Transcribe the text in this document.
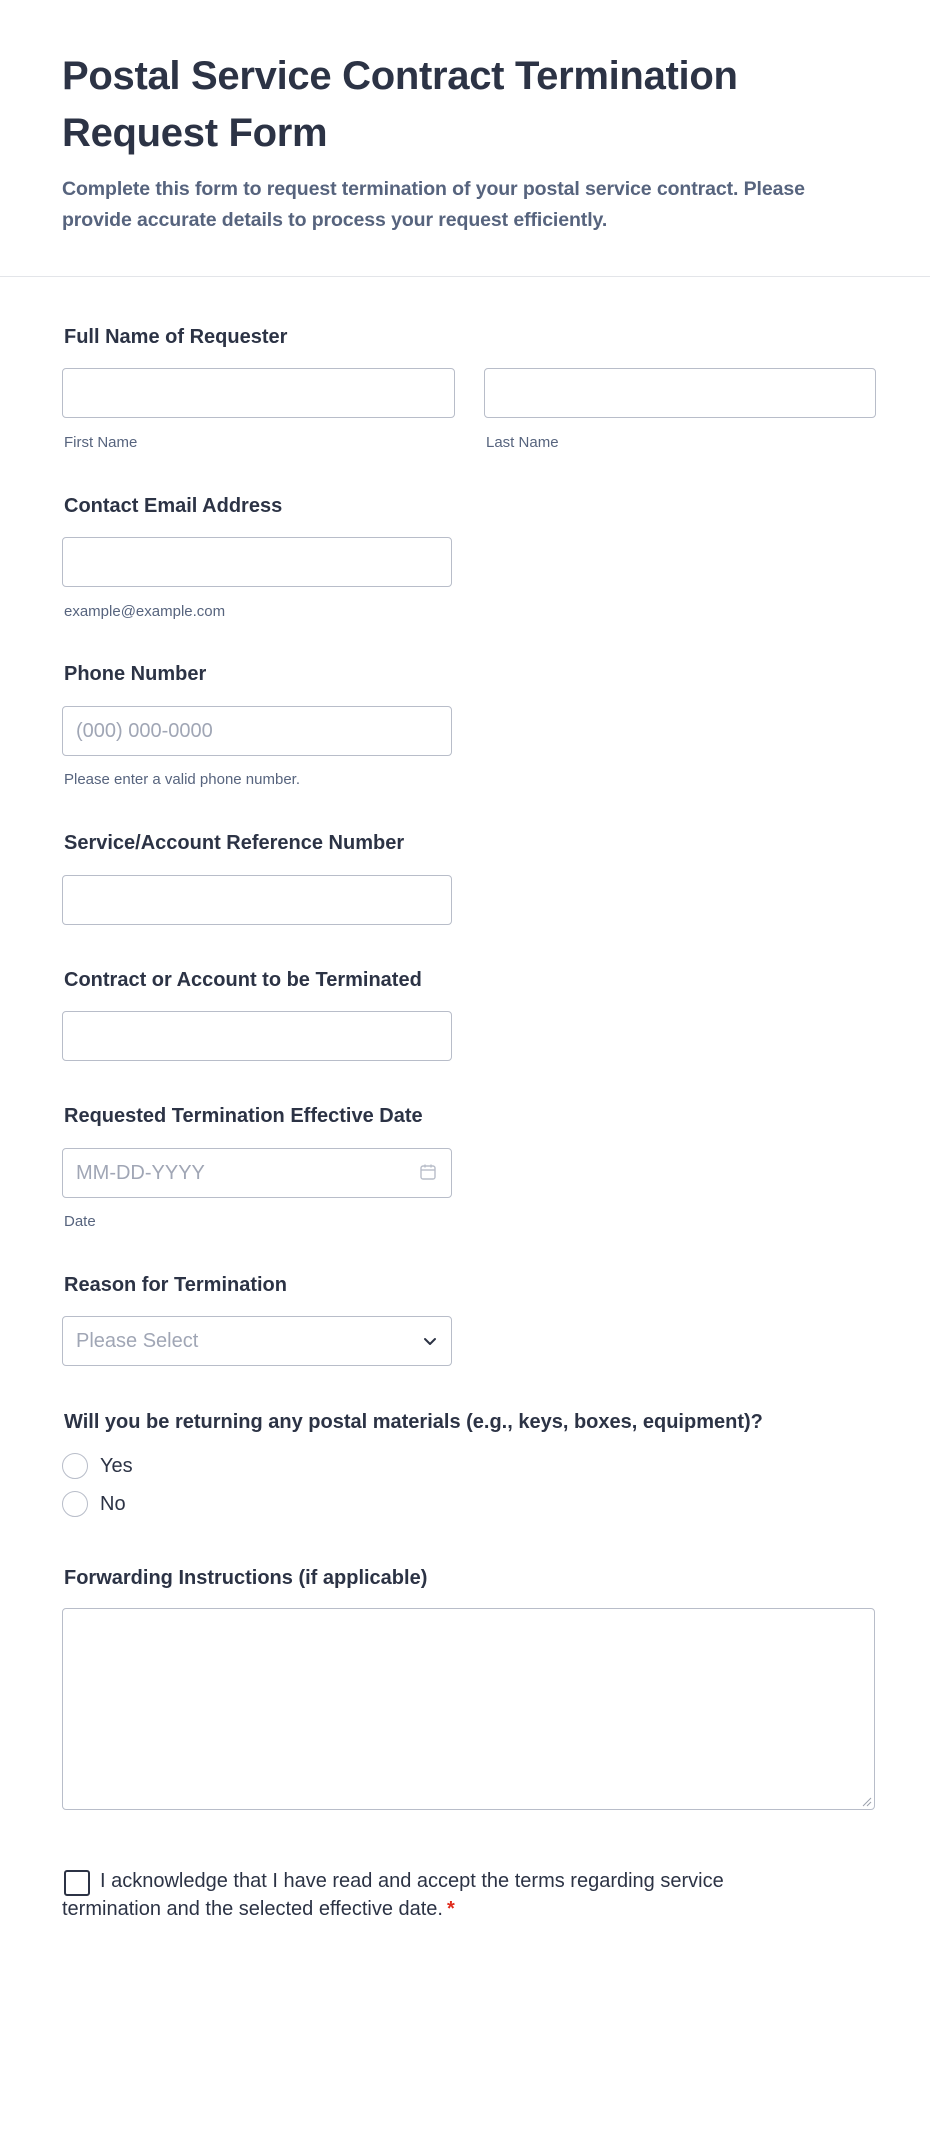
Postal Service Contract Termination Request Form

Complete this form to request termination of your postal service contract. Please provide accurate details to process your request efficiently.

Full Name of Requester
First Name	Last Name
Contact Email Address
example@example.com
Phone Number
(000) 000-0000
Please enter a valid phone number.
Service/Account Reference Number
Contract or Account to be Terminated
Requested Termination Effective Date
MM-DD-YYYY
Date
Reason for Termination
Please Select
Will you be returning any postal materials (e.g., keys, boxes, equipment)?
Yes
No
Forwarding Instructions (if applicable)
I acknowledge that I have read and accept the terms regarding service termination and the selected effective date. *
